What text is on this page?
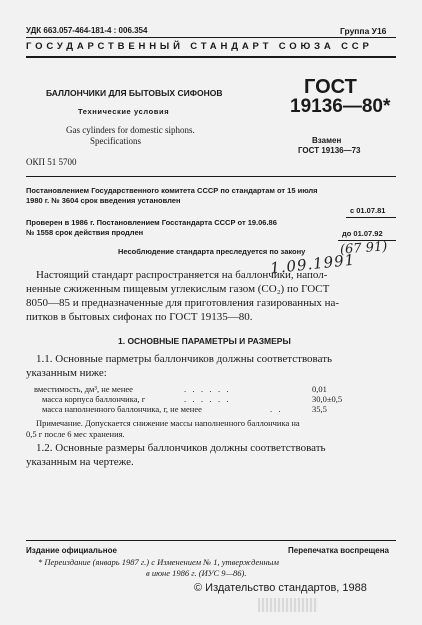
УДК 663.057-464-181-4 : 006.354	Группа У16
ГОСУДАРСТВЕННЫЙ СТАНДАРТ СОЮЗА ССР
БАЛЛОНЧИКИ ДЛЯ БЫТОВЫХ СИФОНОВ
Технические условия
Gas cylinders for domestic siphons.
Specifications
ОКП 51 5700
ГОСТ
19136—80*
Взамен
ГОСТ 19136—73
Постановлением Государственного комитета СССР по стандартам от 15 июля
1980 г. № 3604 срок введения установлен
с 01.07.81
Проверен в 1986 г. Постановлением Госстандарта СССР от 19.06.86
№ 1558 срок действия продлен	до 01.07.92
Несоблюдение стандарта преследуется по закону	(67 91)
1.09.1991
Настоящий стандарт распространяется на баллончики, напол-
ненные сжиженным пищевым углекислым газом (CO₂) по ГОСТ
8050—85 и предназначенные для приготовления газированных на-
питков в бытовых сифонах по ГОСТ 19135—80.
1. ОСНОВНЫЕ ПАРАМЕТРЫ И РАЗМЕРЫ
1.1. Основные парметры баллончиков должны соответствовать
указанным ниже:
вместимость, дм³, не менее	.   .   .   .   .   .	0,01
масса корпуса баллончика, г	.   .   .   .   .   .	30,0±0,5
масса наполненного баллончика, г, не менее	.   .	35,5
Примечание. Допускается снижение массы наполненного баллончика на
0,5 г после 6 мес хранения.
1.2. Основные размеры баллончиков должны соответствовать
указанным на чертеже.
Издание официальное	Перепечатка воспрещена
* Переиздание (январь 1987 г.) с Изменением № 1, утвержденным
в июне 1986 г. (ИУС 9—86).
© Издательство стандартов, 1988
